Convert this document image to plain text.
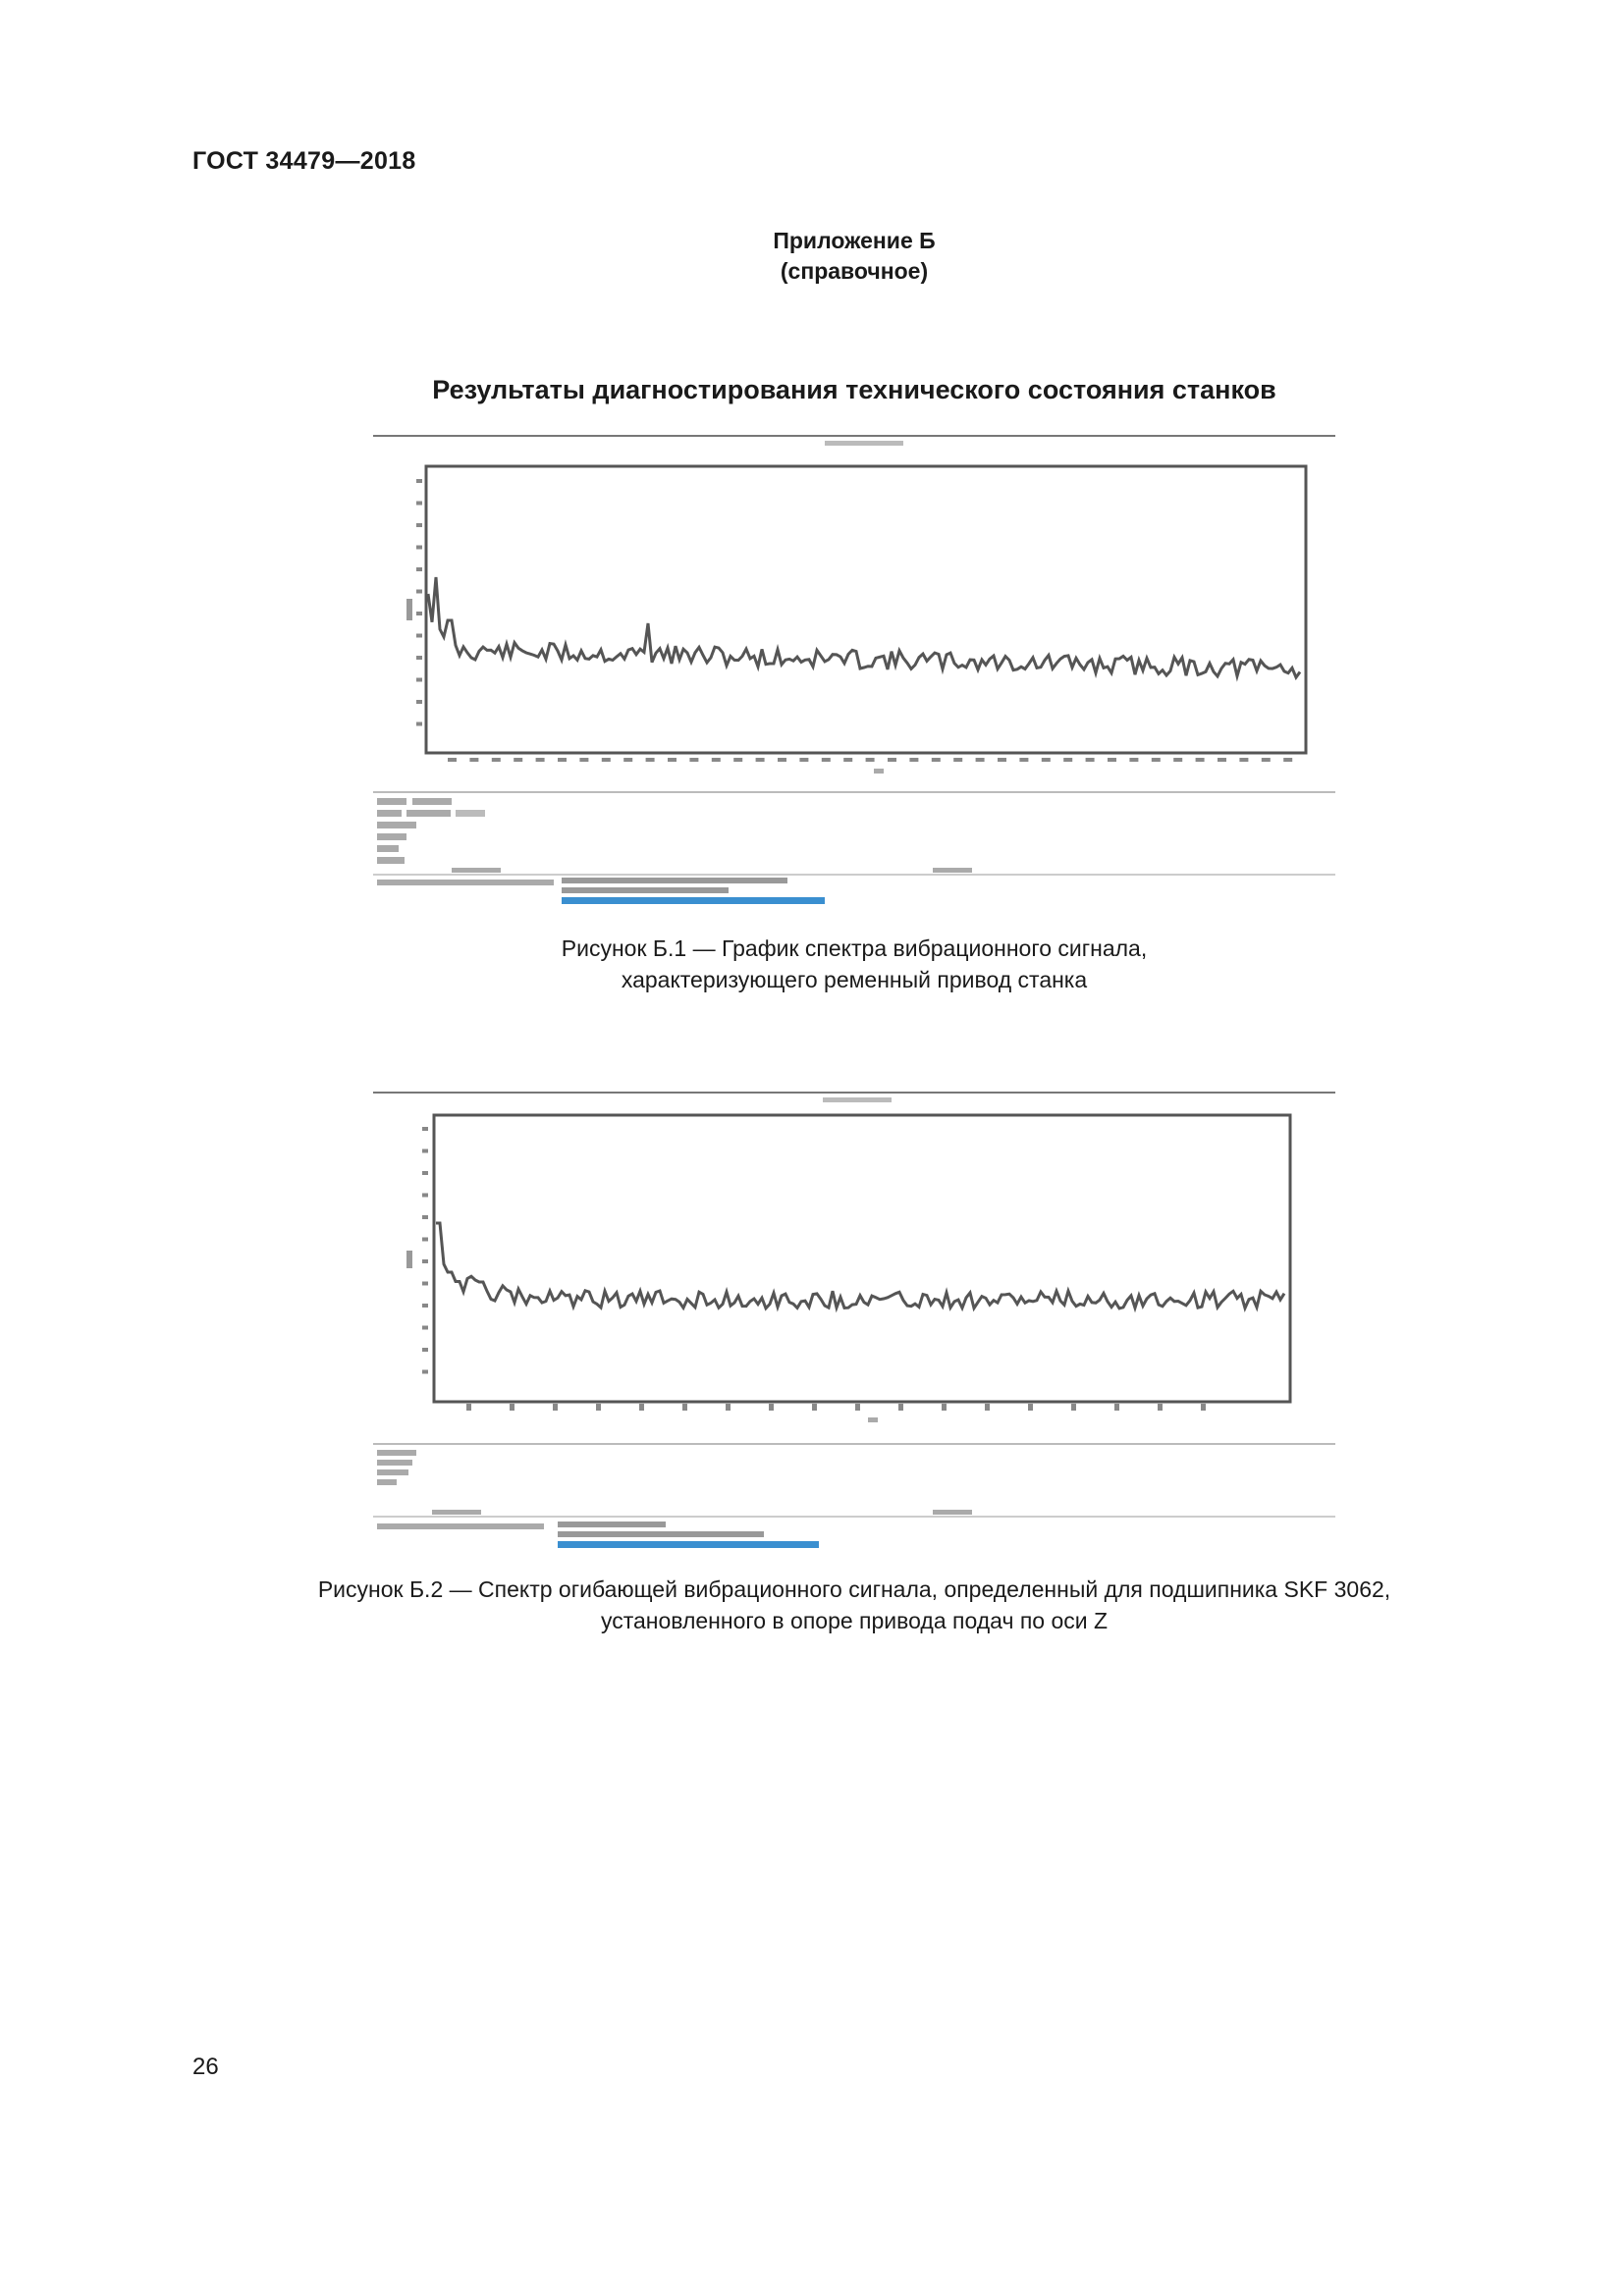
ГОСТ 34479—2018
Приложение Б
(справочное)
Результаты диагностирования технического состояния станков
Рисунок Б.1 — График спектра вибрационного сигнала,
характеризующего ременный привод станка
Рисунок Б.2 — Спектр огибающей вибрационного сигнала, определенный для подшипника SKF 3062,
установленного в опоре привода подач по оси Z
26
